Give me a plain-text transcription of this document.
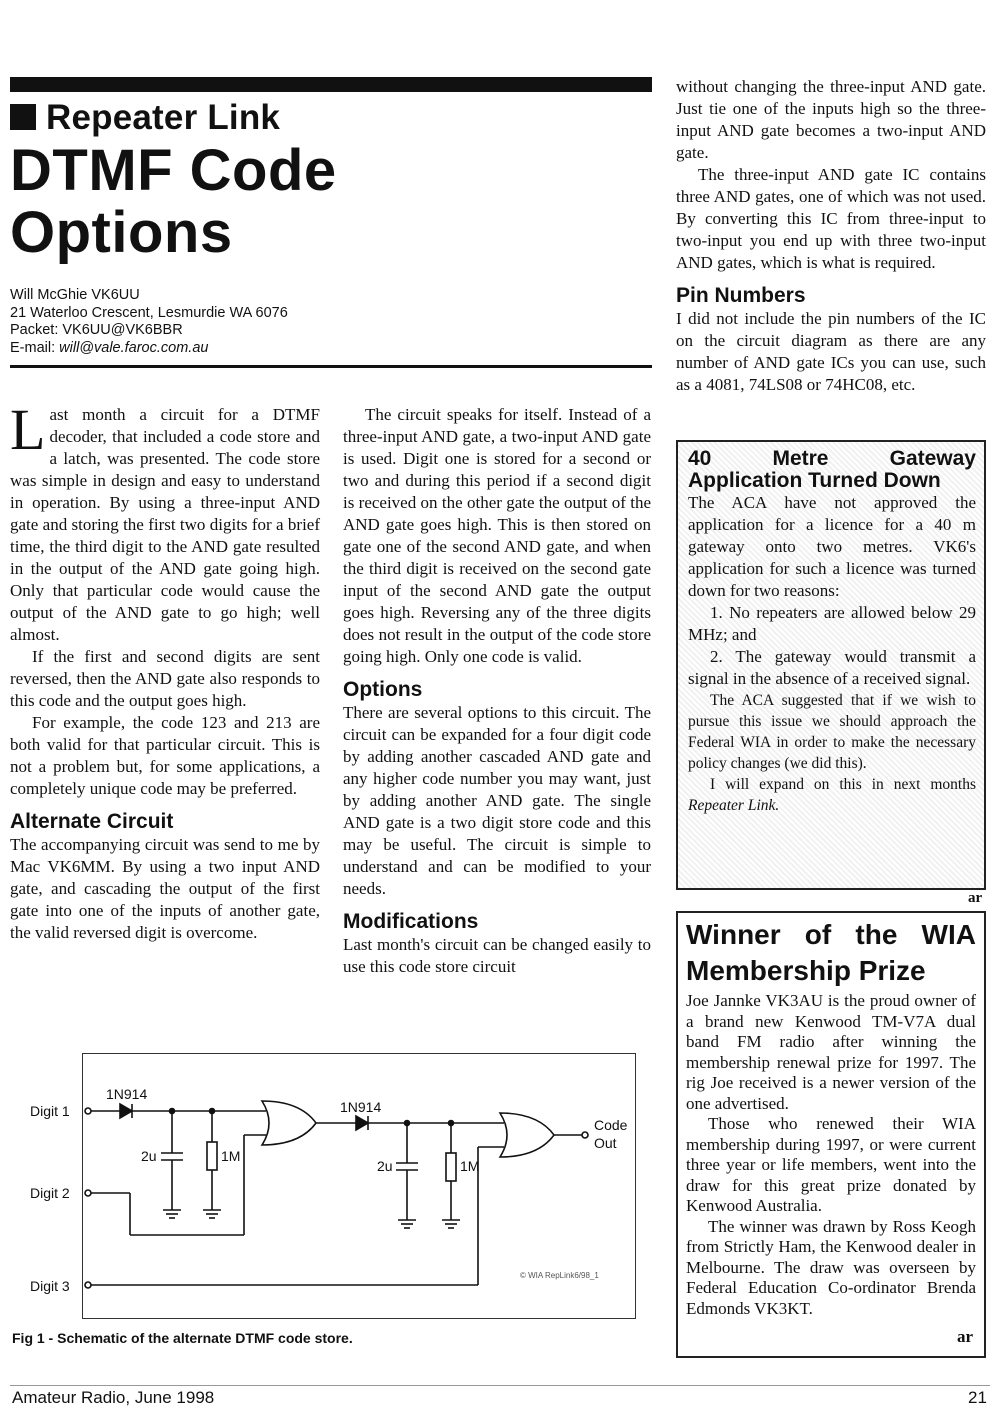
Repeater Link
DTMF Code
Options
Will McGhie VK6UU
21 Waterloo Crescent, Lesmurdie WA 6076
Packet: VK6UU@VK6BBR
E-mail: will@vale.faroc.com.au

Last month a circuit for a DTMF decoder, that included a code store and a latch, was presented. The code store was simple in design and easy to understand in operation. By using a three-input AND gate and storing the first two digits for a brief time, the third digit to the AND gate resulted in the output of the AND gate going high. Only that particular code would cause the output of the AND gate to go high; well almost.

If the first and second digits are sent reversed, then the AND gate also responds to this code and the output goes high.

For example, the code 123 and 213 are both valid for that particular circuit. This is not a problem but, for some applications, a completely unique code may be preferred.

Alternate Circuit

The accompanying circuit was send to me by Mac VK6MM. By using a two input AND gate, and cascading the output of the first gate into one of the inputs of another gate, the valid reversed digit is overcome.

The circuit speaks for itself. Instead of a three-input AND gate, a two-input AND gate is used. Digit one is stored for a second or two and during this period if a second digit is received on the other gate the output of the AND gate goes high. This is then stored on gate one of the second AND gate, and when the third digit is received on the second gate input of the second AND gate the output goes high. Reversing any of the three digits does not result in the output of the code store going high. Only one code is valid.

Options

There are several options to this circuit. The circuit can be expanded for a four digit code by adding another cascaded AND gate and any higher code number you may want, just by adding another AND gate. The single AND gate is a two digit store code and this may be useful. The circuit is simple to understand and can be modified to your needs.

Modifications

Last month's circuit can be changed easily to use this code store circuit

without changing the three-input AND gate. Just tie one of the inputs high so the three-input AND gate becomes a two-input AND gate.

The three-input AND gate IC contains three AND gates, one of which was not used. By converting this IC from three-input to two-input you end up with three two-input AND gates, which is what is required.

Pin Numbers

I did not include the pin numbers of the IC on the circuit diagram as there are any number of AND gate ICs you can use, such as a 4081, 74LS08 or 74HC08, etc.

40 Metre Gateway Application Turned Down

The ACA have not approved the application for a licence for a 40 m gateway onto two metres. VK6's application for such a licence was turned down for two reasons:

1. No repeaters are allowed below 29 MHz; and

2. The gateway would transmit a signal in the absence of a received signal.

The ACA suggested that if we wish to pursue this issue we should approach the Federal WIA in order to make the necessary policy changes (we did this).

I will expand on this in next months Repeater Link.

ar
Winner of the WIA Membership Prize

Joe Jannke VK3AU is the proud owner of a brand new Kenwood TM-V7A dual band FM radio after winning the membership renewal prize for 1997. The rig Joe received is a newer version of the one advertised.

Those who renewed their WIA membership during 1997, or were current three year or life members, went into the draw for this great prize donated by Kenwood Australia.

The winner was drawn by Ross Keogh from Strictly Ham, the Kenwood dealer in Melbourne. The draw was overseen by Federal Education Co-ordinator Brenda Edmonds VK3KT.

ar
Digit 1
Digit 2
Digit 3
1N914
1N914
2u	1M
2u	1M
Code
Out
© WIA RepLink6/98_1
Fig 1 - Schematic of the alternate DTMF code store.
Amateur Radio, June 1998	21
